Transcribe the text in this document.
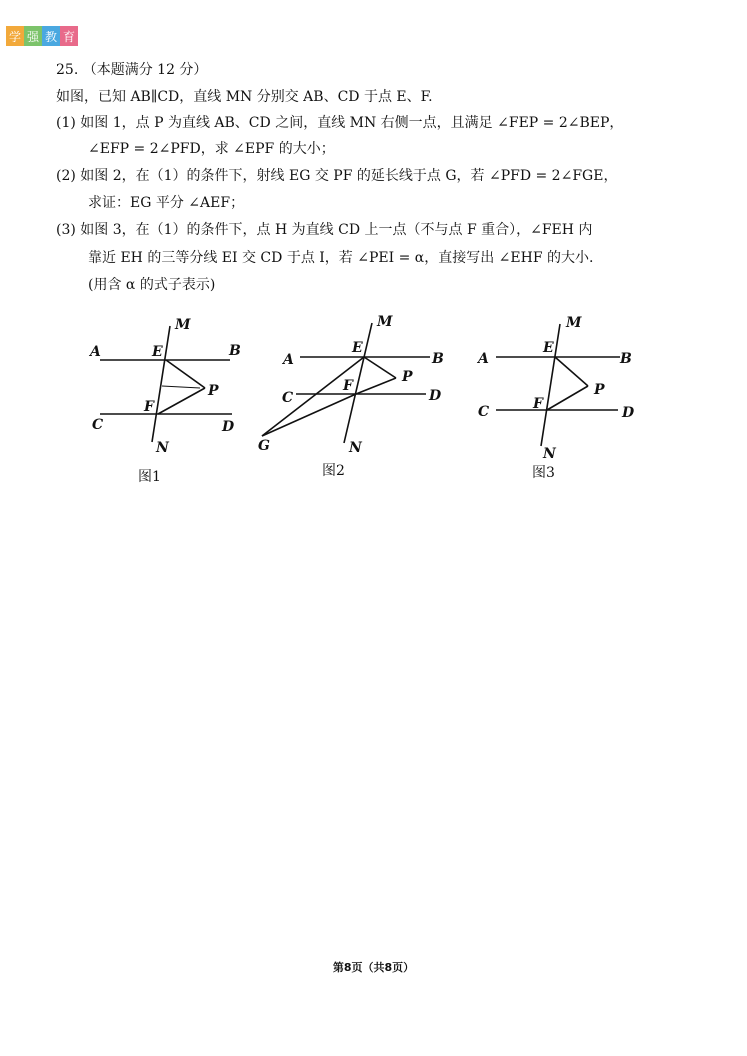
学 强 教 育
25. （本题满分 12 分）
如图，已知 AB∥CD，直线 MN 分别交 AB、CD 于点 E、F.
(1) 如图 1，点 P 为直线 AB、CD 之间，直线 MN 右侧一点，且满足 ∠FEP = 2∠BEP，
∠EFP = 2∠PFD，求 ∠EPF 的大小；
(2) 如图 2，在（1）的条件下，射线 EG 交 PF 的延长线于点 G，若 ∠PFD = 2∠FGE，
求证：EG 平分 ∠AEF；
(3) 如图 3，在（1）的条件下，点 H 为直线 CD 上一点（不与点 F 重合），∠FEH 内
靠近 EH 的三等分线 EI 交 CD 于点 I，若 ∠PEI = α，直接写出 ∠EHF 的大小.
(用含 α 的式子表示)
A	B
C	D
E
F
M
N
P
A	B
C	D
E
F
M
N
P
G
A	B
C	D
E
F
M
N
P
图1	图2	图3
第8页（共8页）
